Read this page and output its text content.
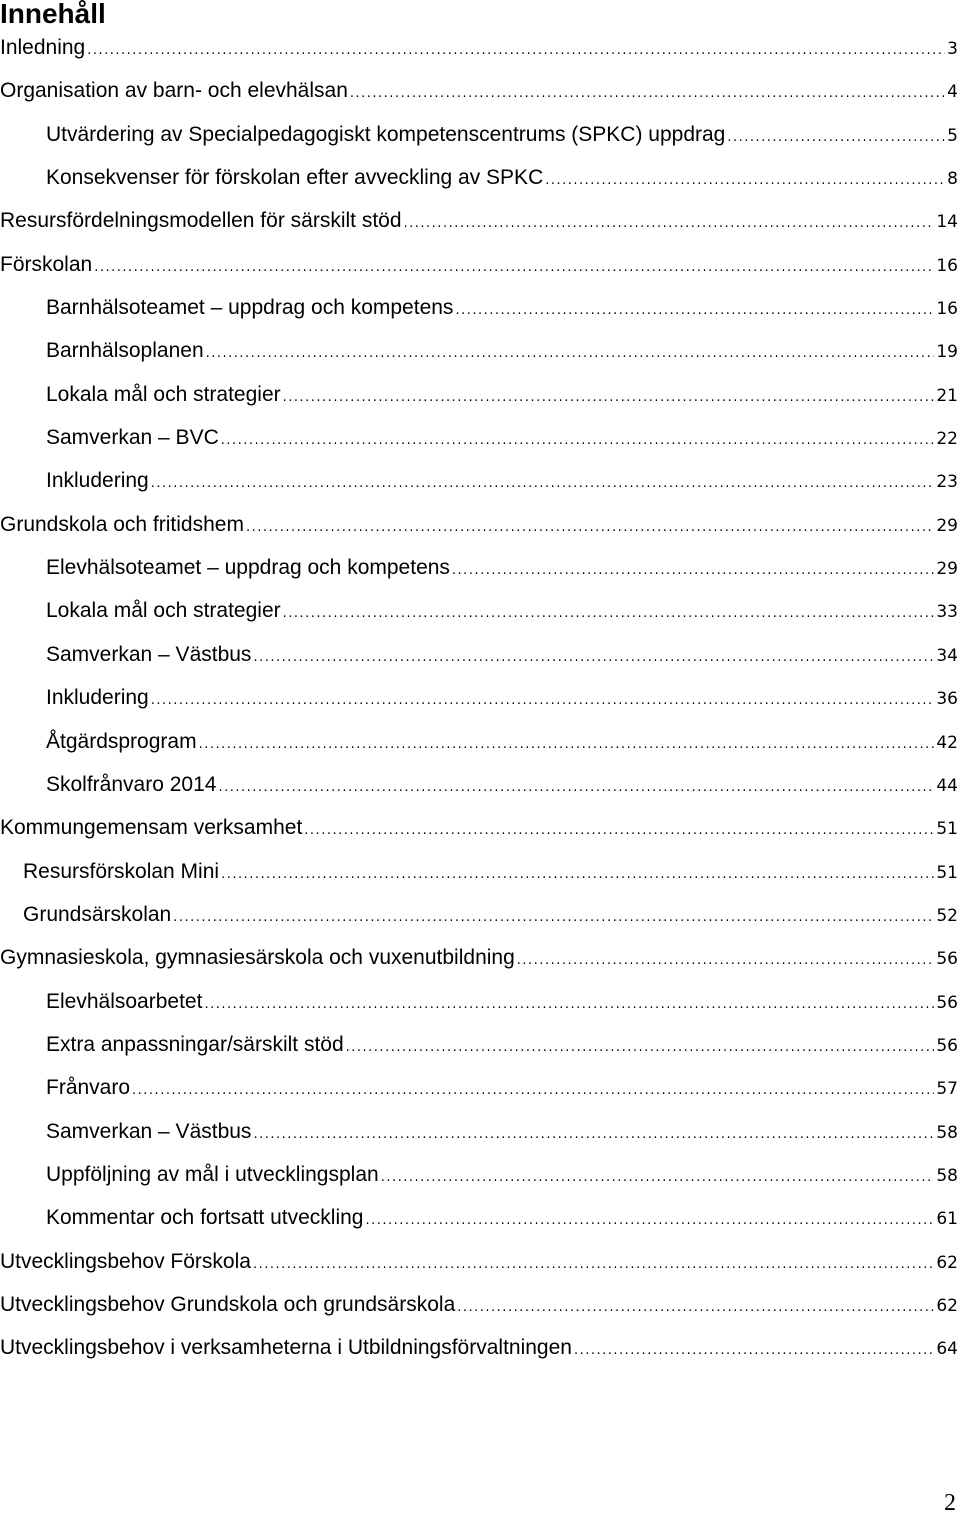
Innehåll
Inledning .....	3
Organisation av barn- och elevhälsan .....	4
Utvärdering av Specialpedagogiskt kompetenscentrums (SPKC) uppdrag .....	5
Konsekvenser för förskolan efter avveckling av SPKC .....	8
Resursfördelningsmodellen för särskilt stöd .....	14
Förskolan .....	16
Barnhälsoteamet – uppdrag och kompetens .....	16
Barnhälsoplanen .....	19
Lokala mål och strategier .....	21
Samverkan – BVC .....	22
Inkludering .....	23
Grundskola och fritidshem .....	29
Elevhälsoteamet – uppdrag och kompetens .....	29
Lokala mål och strategier .....	33
Samverkan – Västbus .....	34
Inkludering .....	36
Åtgärdsprogram .....	42
Skolfrånvaro 2014 .....	44
Kommungemensam verksamhet .....	51
Resursförskolan Mini .....	51
Grundsärskolan .....	52
Gymnasieskola, gymnasiesärskola och vuxenutbildning .....	56
Elevhälsoarbetet .....	56
Extra anpassningar/särskilt stöd .....	56
Frånvaro .....	57
Samverkan – Västbus .....	58
Uppföljning av mål i utvecklingsplan .....	58
Kommentar och fortsatt utveckling .....	61
Utvecklingsbehov Förskola .....	62
Utvecklingsbehov Grundskola och grundsärskola .....	62
Utvecklingsbehov i verksamheterna i Utbildningsförvaltningen .....	64
2
